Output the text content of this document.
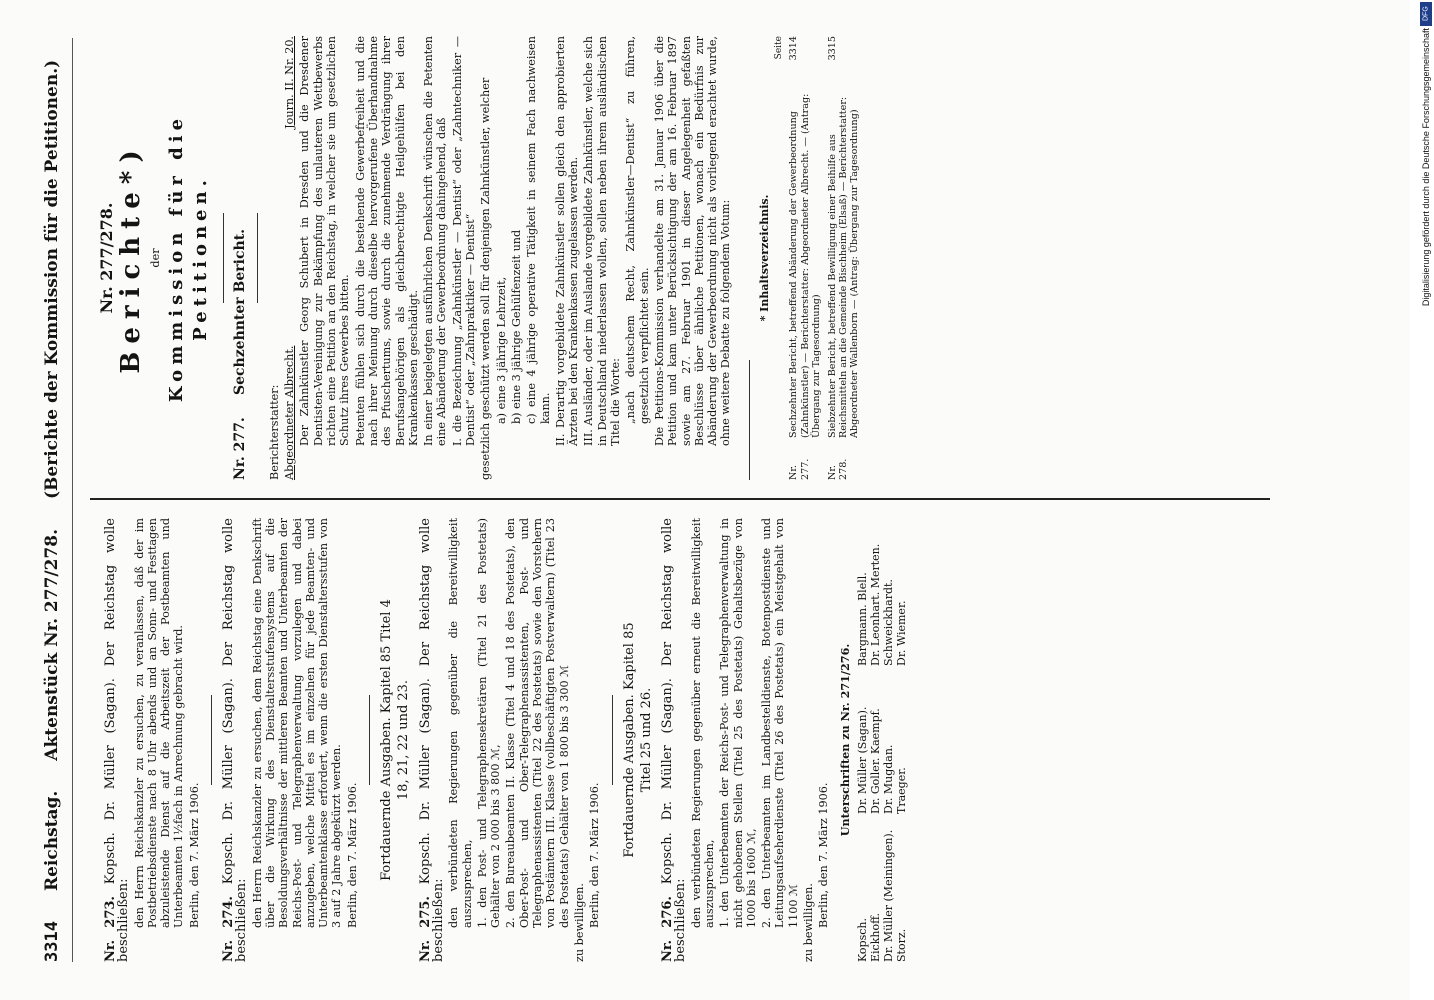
3314
Reichstag.
Aktenstück Nr. 277/278.
(Berichte der Kommission für die Petitionen.)

Nr. 273. Kopsch. Dr. Müller (Sagan). Der Reichstag wolle beschließen: den Herrn Reichskanzler zu ersuchen, zu veranlassen, daß der im Postbetriebsdienste nach 8 Uhr abends und an Sonn- und Festtagen abzuleistende Dienst auf die Arbeitszeit der Postbeamten und Unterbeamten 1½fach in Anrechnung gebracht wird. Berlin, den 7. März 1906.

Nr. 274. Kopsch. Dr. Müller (Sagan). Der Reichstag wolle beschließen: den Herrn Reichskanzler zu ersuchen, dem Reichstag eine Denkschrift über die Wirkung des Dienstaltersstufensystems auf die Besoldungsverhältnisse der mittleren Beamten und Unterbeamten der Reichs-Post- und Telegraphenverwaltung vorzulegen und dabei anzugeben, welche Mittel es im einzelnen für jede Beamten- und Unterbeamtenklasse erfordert, wenn die ersten Dienstaltersstufen von 3 auf 2 Jahre abgekürzt werden. Berlin, den 7. März 1906. Fortdauernde Ausgaben. Kapitel 85 Titel 4 18, 21, 22 und 23.

Nr. 275. Kopsch. Dr. Müller (Sagan). Der Reichstag wolle beschließen: den verbündeten Regierungen gegenüber die Bereitwilligkeit auszusprechen, 1. den Post- und Telegraphensekretären (Titel 21 des Postetats) Gehälter von 2 000 bis 3 800 ℳ, 2. den Bureaubeamten II. Klasse (Titel 4 und 18 des Postetats), den Ober-Post- und Ober-Telegraphenassistenten, Post- und Telegraphenassistenten (Titel 22 des Postetats) sowie den Vorstehern von Postämtern III. Klasse (vollbeschäftigten Postverwaltern) (Titel 23 des Postetats) Gehälter von 1 800 bis 3 300 ℳ zu bewilligen. Berlin, den 7. März 1906. Fortdauernde Ausgaben. Kapitel 85 Titel 25 und 26.

Nr. 276. Kopsch. Dr. Müller (Sagan). Der Reichstag wolle beschließen: den verbündeten Regierungen gegenüber erneut die Bereitwilligkeit auszusprechen, 1. den Unterbeamten der Reichs-Post- und Telegraphenverwaltung in nicht gehobenen Stellen (Titel 25 des Postetats) Gehaltsbezüge von 1000 bis 1600 ℳ, 2. den Unterbeamten im Landbestelldienste, Botenpostdienste und Leitungsaufseherdienste (Titel 26 des Postetats) ein Meistgehalt von 1100 ℳ zu bewilligen. Berlin, den 7. März 1906.

Unterschriften zu Nr. 271/276.

Kopsch.
Dr. Müller (Sagan).
Bargmann. Blell.
Eickhoff.
Dr. Goller. Kaempf.
Dr. Leonhart. Merten.
Dr. Müller (Meiningen).
Dr. Mugdan.
Schweickhardt.
Storz.
Traeger.
Dr. Wiemer.

Nr. 277/278. Berichte*) der Kommission für die Petitionen.

Nr. 277.     Sechzehnter Bericht.

Berichterstatter: Abgeordneter Albrecht.
Journ. II. Nr. 20. Der Zahnkünstler Georg Schubert in Dresden und die Dresdener Dentisten-Vereinigung zur Bekämpfung des unlauteren Wettbewerbs richten eine Petition an den Reichstag, in welcher sie um gesetzlichen Schutz ihres Gewerbes bitten. Petenten fühlen sich durch die bestehende Gewerbefreiheit und die nach ihrer Meinung durch dieselbe hervorgerufene Überhandnahme des Pfuschertums, sowie durch die zunehmende Verdrängung ihrer Berufsangehörigen als gleichberechtigte Heilgehülfen bei den Krankenkassen geschädigt. In einer beigelegten ausführlichen Denkschrift wünschen die Petenten eine Abänderung der Gewerbeordnung dahingehend, daß I. die Bezeichnung „Zahnkünstler — Dentist“ oder „Zahntechniker — Dentist“ oder „Zahnpraktiker — Dentist“ gesetzlich geschützt werden soll für denjenigen Zahnkünstler, welcher a) eine 3 jährige Lehrzeit, b) eine 3 jährige Gehülfenzeit und c) eine 4 jährige operative Tätigkeit in seinem Fach nachweisen kann. II. Derartig vorgebildete Zahnkünstler sollen gleich den approbierten Ärzten bei den Krankenkassen zugelassen werden. III. Ausländer, oder im Auslande vorgebildete Zahnkünstler, welche sich in Deutschland niederlassen wollen, sollen neben ihrem ausländischen Titel die Worte: „nach deutschem Recht, Zahnkünstler—Dentist“ zu führen, gesetzlich verpflichtet sein. Die Petitions-Kommission verhandelte am 31. Januar 1906 über die Petition und kam unter Berücksichtigung der am 16. Februar 1897 sowie am 27. Februar 1901 in dieser Angelegenheit gefaßten Beschlüsse über ähnliche Petitionen, wonach ein Bedürfnis zur Abänderung der Gewerbeordnung nicht als vorliegend erachtet wurde, ohne weitere Debatte zu folgendem Votum: * Inhaltsverzeichnis.

Seite

Nr. 277.
Sechzehnter Bericht, betreffend Abänderung der Gewerbeordnung (Zahnkünstler) — Berichterstatter: Abgeordneter Albrecht. — (Antrag: Übergang zur Tagesordnung)
3314
Nr. 278.
Siebzehnter Bericht, betreffend Bewilligung einer Beihilfe aus Reichsmitteln an die Gemeinde Bischheim (Elsaß) — Berichterstatter: Abgeordneter Wallenborn — (Antrag: Übergang zur Tagesordnung)
3315	Digitalisierung gefördert durch die Deutsche Forschungsgemeinschaft
DFG
